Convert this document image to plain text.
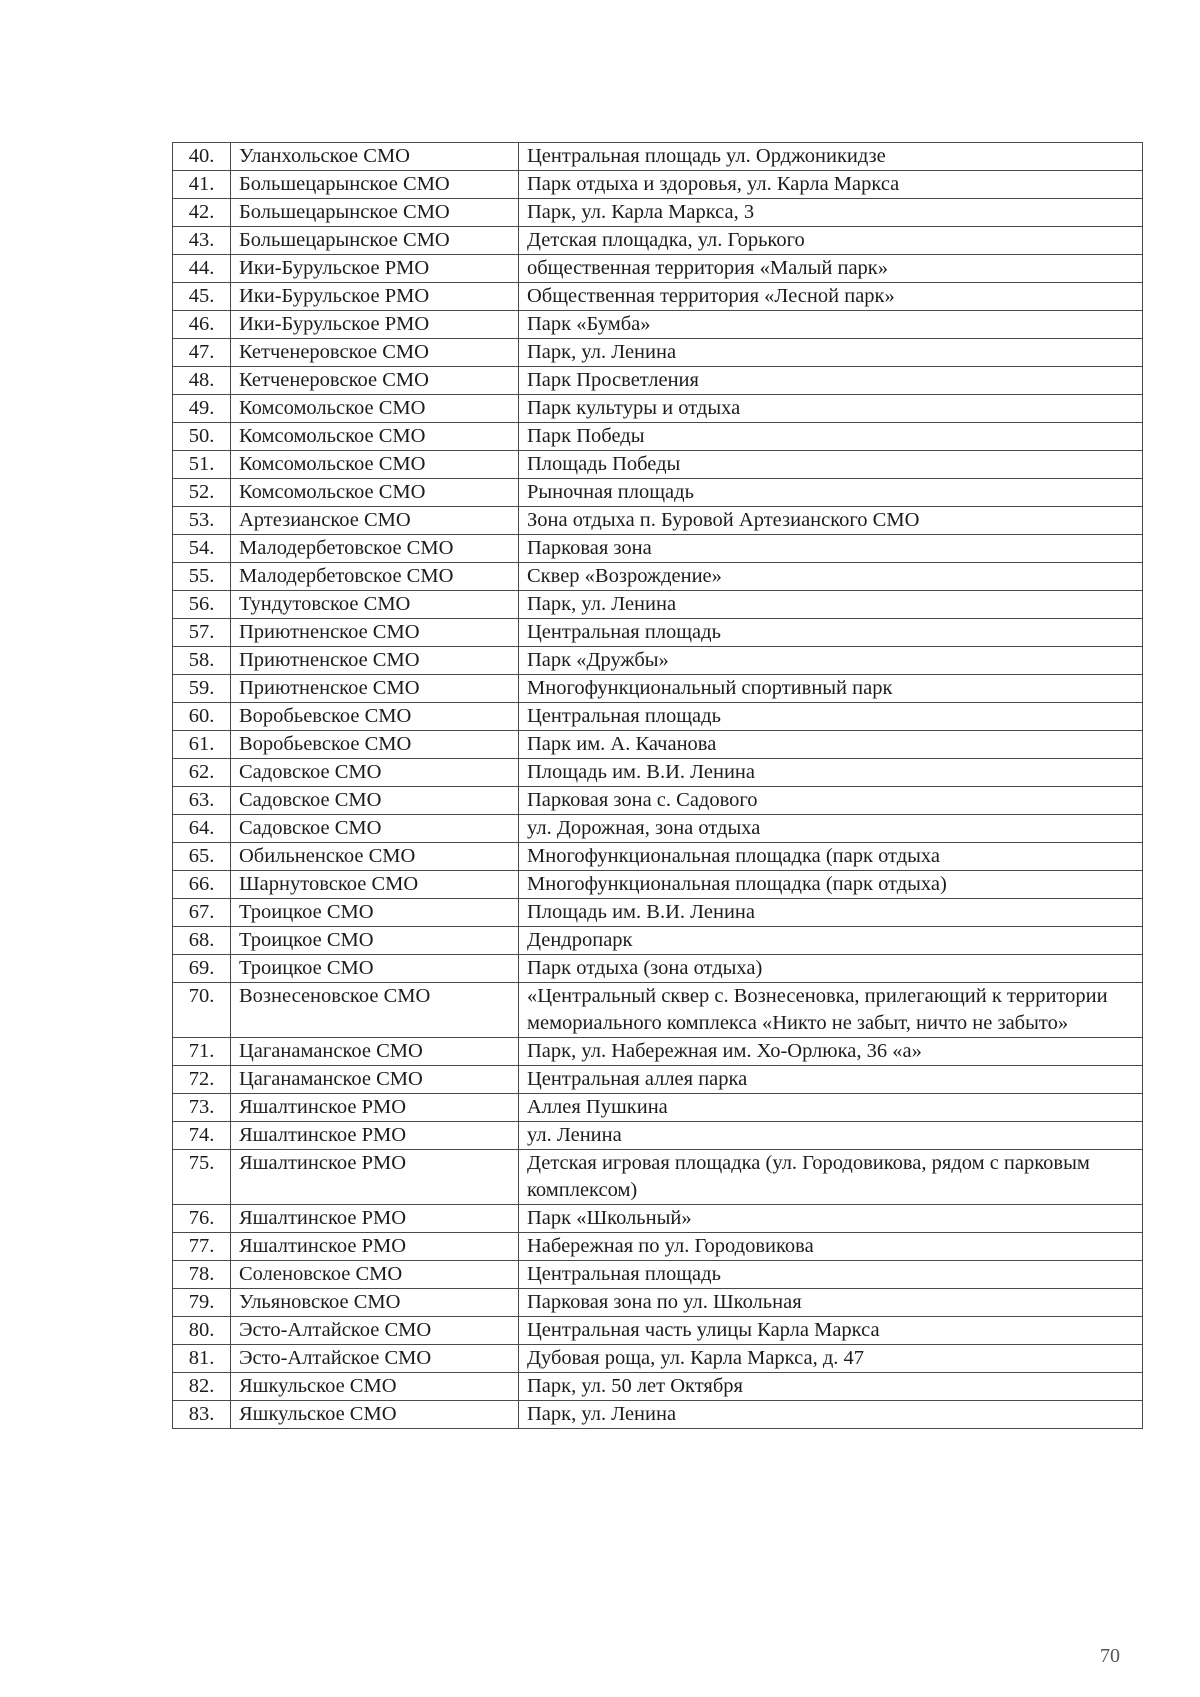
40.	Уланхольское СМО	Центральная площадь ул. Орджоникидзе
41.	Большецарынское СМО	Парк отдыха и здоровья, ул. Карла Маркса
42.	Большецарынское СМО	Парк, ул. Карла Маркса, 3
43.	Большецарынское СМО	Детская площадка, ул. Горького
44.	Ики-Бурульское РМО	общественная территория «Малый парк»
45.	Ики-Бурульское РМО	Общественная территория «Лесной парк»
46.	Ики-Бурульское РМО	Парк «Бумба»
47.	Кетченеровское СМО	Парк, ул. Ленина
48.	Кетченеровское СМО	Парк Просветления
49.	Комсомольское СМО	Парк культуры и отдыха
50.	Комсомольское СМО	Парк Победы
51.	Комсомольское СМО	Площадь Победы
52.	Комсомольское СМО	Рыночная площадь
53.	Артезианское СМО	Зона отдыха п. Буровой Артезианского СМО
54.	Малодербетовское СМО	Парковая зона
55.	Малодербетовское СМО	Сквер «Возрождение»
56.	Тундутовское СМО	Парк, ул. Ленина
57.	Приютненское СМО	Центральная площадь
58.	Приютненское СМО	Парк «Дружбы»
59.	Приютненское СМО	Многофункциональный спортивный парк
60.	Воробьевское СМО	Центральная площадь
61.	Воробьевское СМО	Парк им. А. Качанова
62.	Садовское СМО	Площадь им. В.И. Ленина
63.	Садовское СМО	Парковая зона с. Садового
64.	Садовское СМО	ул. Дорожная, зона отдыха
65.	Обильненское СМО	Многофункциональная площадка (парк отдыха
66.	Шарнутовское СМО	Многофункциональная площадка (парк отдыха)
67.	Троицкое СМО	Площадь им. В.И. Ленина
68.	Троицкое СМО	Дендропарк
69.	Троицкое СМО	Парк отдыха (зона отдыха)
70.	Вознесеновское СМО	«Центральный сквер с. Вознесеновка, прилегающий к территории мемориального комплекса «Никто не забыт, ничто не забыто»
71.	Цаганаманское СМО	Парк, ул. Набережная им. Хо-Орлюка, 36 «а»
72.	Цаганаманское СМО	Центральная аллея парка
73.	Яшалтинское РМО	Аллея Пушкина
74.	Яшалтинское РМО	ул. Ленина
75.	Яшалтинское РМО	Детская игровая площадка (ул. Городовикова, рядом с парковым комплексом)
76.	Яшалтинское РМО	Парк «Школьный»
77.	Яшалтинское РМО	Набережная по ул. Городовикова
78.	Соленовское СМО	Центральная площадь
79.	Ульяновское СМО	Парковая зона по ул. Школьная
80.	Эсто-Алтайское СМО	Центральная часть улицы Карла Маркса
81.	Эсто-Алтайское СМО	Дубовая роща, ул. Карла Маркса, д. 47
82.	Яшкульское СМО	Парк, ул. 50 лет Октября
83.	Яшкульское СМО	Парк, ул. Ленина
70
